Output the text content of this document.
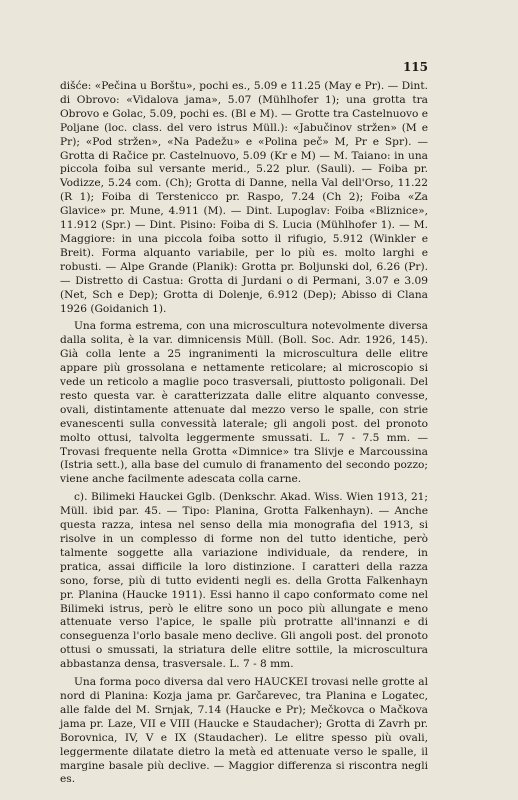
115

dišće: «Pečina u Borštu», pochi es., 5.09 e 11.25 (May e Pr). — Dint. di Obrovo: «Vidalova jama», 5.07 (Mühlhofer 1); una grotta tra Obrovo e Golac, 5.09, pochi es. (Bl e M). — Grotte tra Castelnuovo e Poljane (loc. class. del vero istrus Müll.): «Jabučinov stržen» (M e Pr); «Pod stržen», «Na Padežu» e «Polina peč» M, Pr e Spr). — Grotta di Račice pr. Castelnuovo, 5.09 (Kr e M) — M. Taiano: in una piccola foiba sul versante merid., 5.22 plur. (Sauli). — Foiba pr. Vodizze, 5.24 com. (Ch); Grotta di Danne, nella Val dell'Orso, 11.22 (R 1); Foiba di Terstenicco pr. Raspo, 7.24 (Ch 2); Foiba «Za Glavice» pr. Mune, 4.911 (M). — Dint. Lupoglav: Foiba «Bliznice», 11.912 (Spr.) — Dint. Pisino: Foiba di S. Lucia (Mühlhofer 1). — M. Maggiore: in una piccola foiba sotto il rifugio, 5.912 (Winkler e Breit). Forma alquanto variabile, per lo più es. molto larghi e robusti. — Alpe Grande (Planik): Grotta pr. Boljunski dol, 6.26 (Pr). — Distretto di Castua: Grotta di Jurdani o di Permani, 3.07 e 3.09 (Net, Sch e Dep); Grotta di Dolenje, 6.912 (Dep); Abisso di Clana 1926 (Goidanich 1).

Una forma estrema, con una microscultura notevolmente diversa dalla solita, è la var. dimnicensis Müll. (Boll. Soc. Adr. 1926, 145). Già colla lente a 25 ingranimenti la microscultura delle elitre appare più grossolana e nettamente reticolare; al microscopio si vede un reticolo a maglie poco trasversali, piuttosto poligonali. Del resto questa var. è caratterizzata dalle elitre alquanto convesse, ovali, distintamente attenuate dal mezzo verso le spalle, con strie evanescenti sulla convessità laterale; gli angoli post. del pronoto molto ottusi, talvolta leggermente smussati. L. 7 - 7.5 mm. — Trovasi frequente nella Grotta «Dimnice» tra Slivje e Marcoussina (Istria sett.), alla base del cumulo di franamento del secondo pozzo; viene anche facilmente adescata colla carne.

c). Bilimeki Hauckei Gglb. (Denkschr. Akad. Wiss. Wien 1913, 21; Müll. ibid par. 45. — Tipo: Planina, Grotta Falkenhayn). — Anche questa razza, intesa nel senso della mia monografia del 1913, si risolve in un complesso di forme non del tutto identiche, però talmente soggette alla variazione individuale, da rendere, in pratica, assai difficile la loro distinzione. I caratteri della razza sono, forse, più di tutto evidenti negli es. della Grotta Falkenhayn pr. Planina (Haucke 1911). Essi hanno il capo conformato come nel Bilimeki istrus, però le elitre sono un poco più allungate e meno attenuate verso l'apice, le spalle più protratte all'innanzi e di conseguenza l'orlo basale meno declive. Gli angoli post. del pronoto ottusi o smussati, la striatura delle elitre sottile, la microscultura abbastanza densa, trasversale. L. 7 - 8 mm.

Una forma poco diversa dal vero HAUCKEI trovasi nelle grotte al nord di Planina: Kozja jama pr. Garčarevec, tra Planina e Logatec, alle falde del M. Srnjak, 7.14 (Haucke e Pr); Mečkovca o Mačkova jama pr. Laze, VII e VIII (Haucke e Staudacher); Grotta di Zavrh pr. Borovnica, IV, V e IX (Staudacher). Le elitre spesso più ovali, leggermente dilatate dietro la metà ed attenuate verso le spalle, il margine basale più declive. — Maggior differenza si riscontra negli es.
